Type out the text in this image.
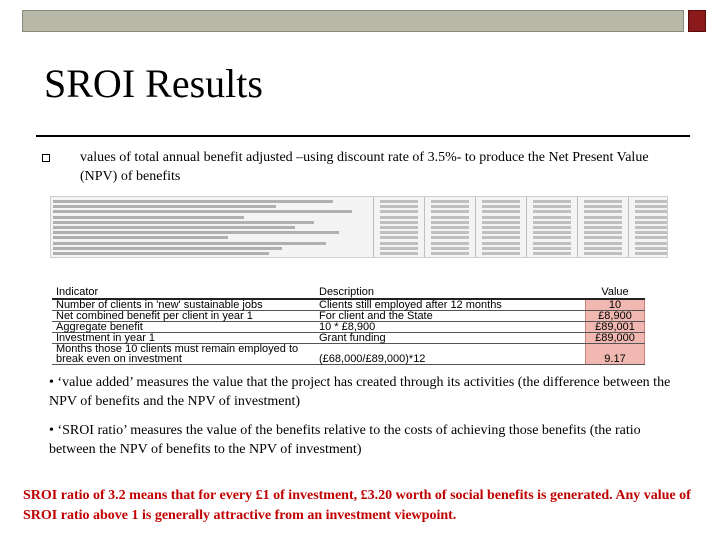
SROI Results
values of total annual benefit adjusted –using discount rate of 3.5%- to produce the Net Present Value (NPV) of benefits
Indicator	Description	Value
Number of clients in 'new' sustainable jobs	Clients still employed after 12 months	10
Net combined benefit per client in year 1	For client and the State	£8,900
Aggregate benefit	10 * £8,900	£89,001
Investment in year 1	Grant funding	£89,000
Months those 10 clients must remain employed to break even on investment	(£68,000/£89,000)*12	9.17
• ‘value added’ measures the value that the project has created through its activities (the difference between the NPV of benefits and the NPV of investment)
• ‘SROI ratio’ measures the value of the benefits relative to the costs of achieving those benefits (the ratio between the NPV of benefits to the NPV of investment)
SROI ratio of 3.2 means that for every £1 of investment, £3.20 worth of social benefits is generated. Any value of SROI ratio above 1 is generally attractive from an investment viewpoint.
